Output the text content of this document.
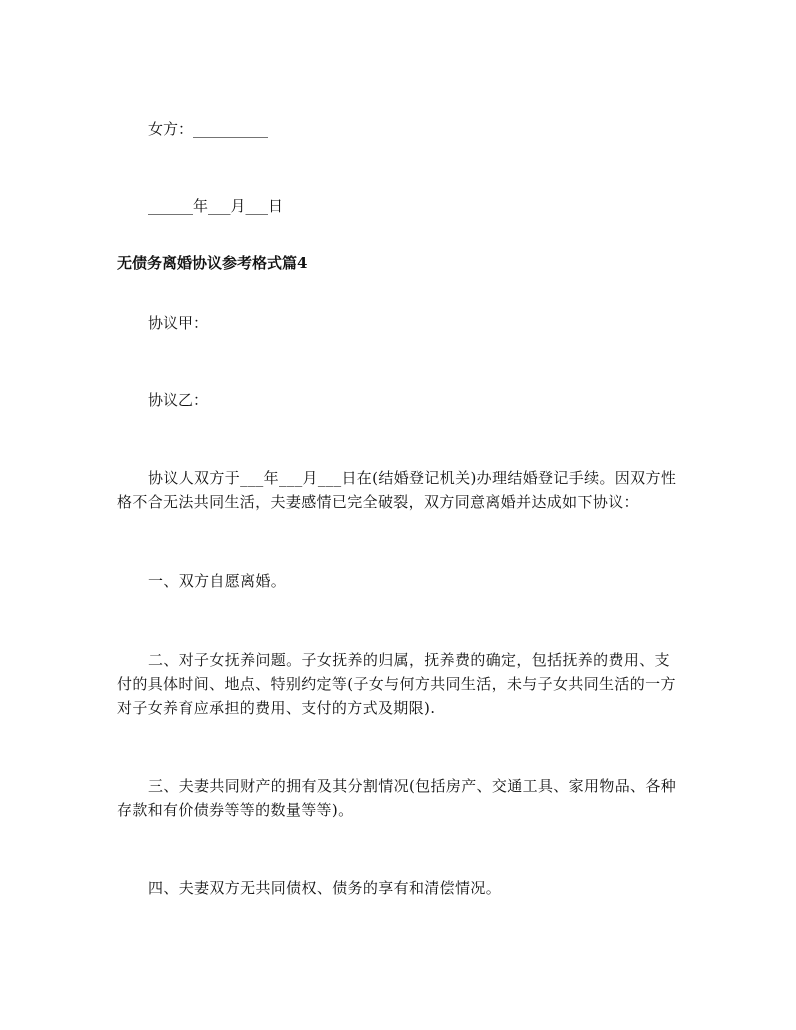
女方：__________

______年___月___日

无债务离婚协议参考格式篇4

协议甲：

协议乙：

协议人双方于___年___月___日在(结婚登记机关)办理结婚登记手续。因双方性格不合无法共同生活，夫妻感情已完全破裂，双方同意离婚并达成如下协议：

一、双方自愿离婚。

二、对子女抚养问题。子女抚养的归属，抚养费的确定，包括抚养的费用、支付的具体时间、地点、特别约定等(子女与何方共同生活，未与子女共同生活的一方对子女养育应承担的费用、支付的方式及期限).

三、夫妻共同财产的拥有及其分割情况(包括房产、交通工具、家用物品、各种存款和有价债券等等的数量等等)。

四、夫妻双方无共同债权、债务的享有和清偿情况。
